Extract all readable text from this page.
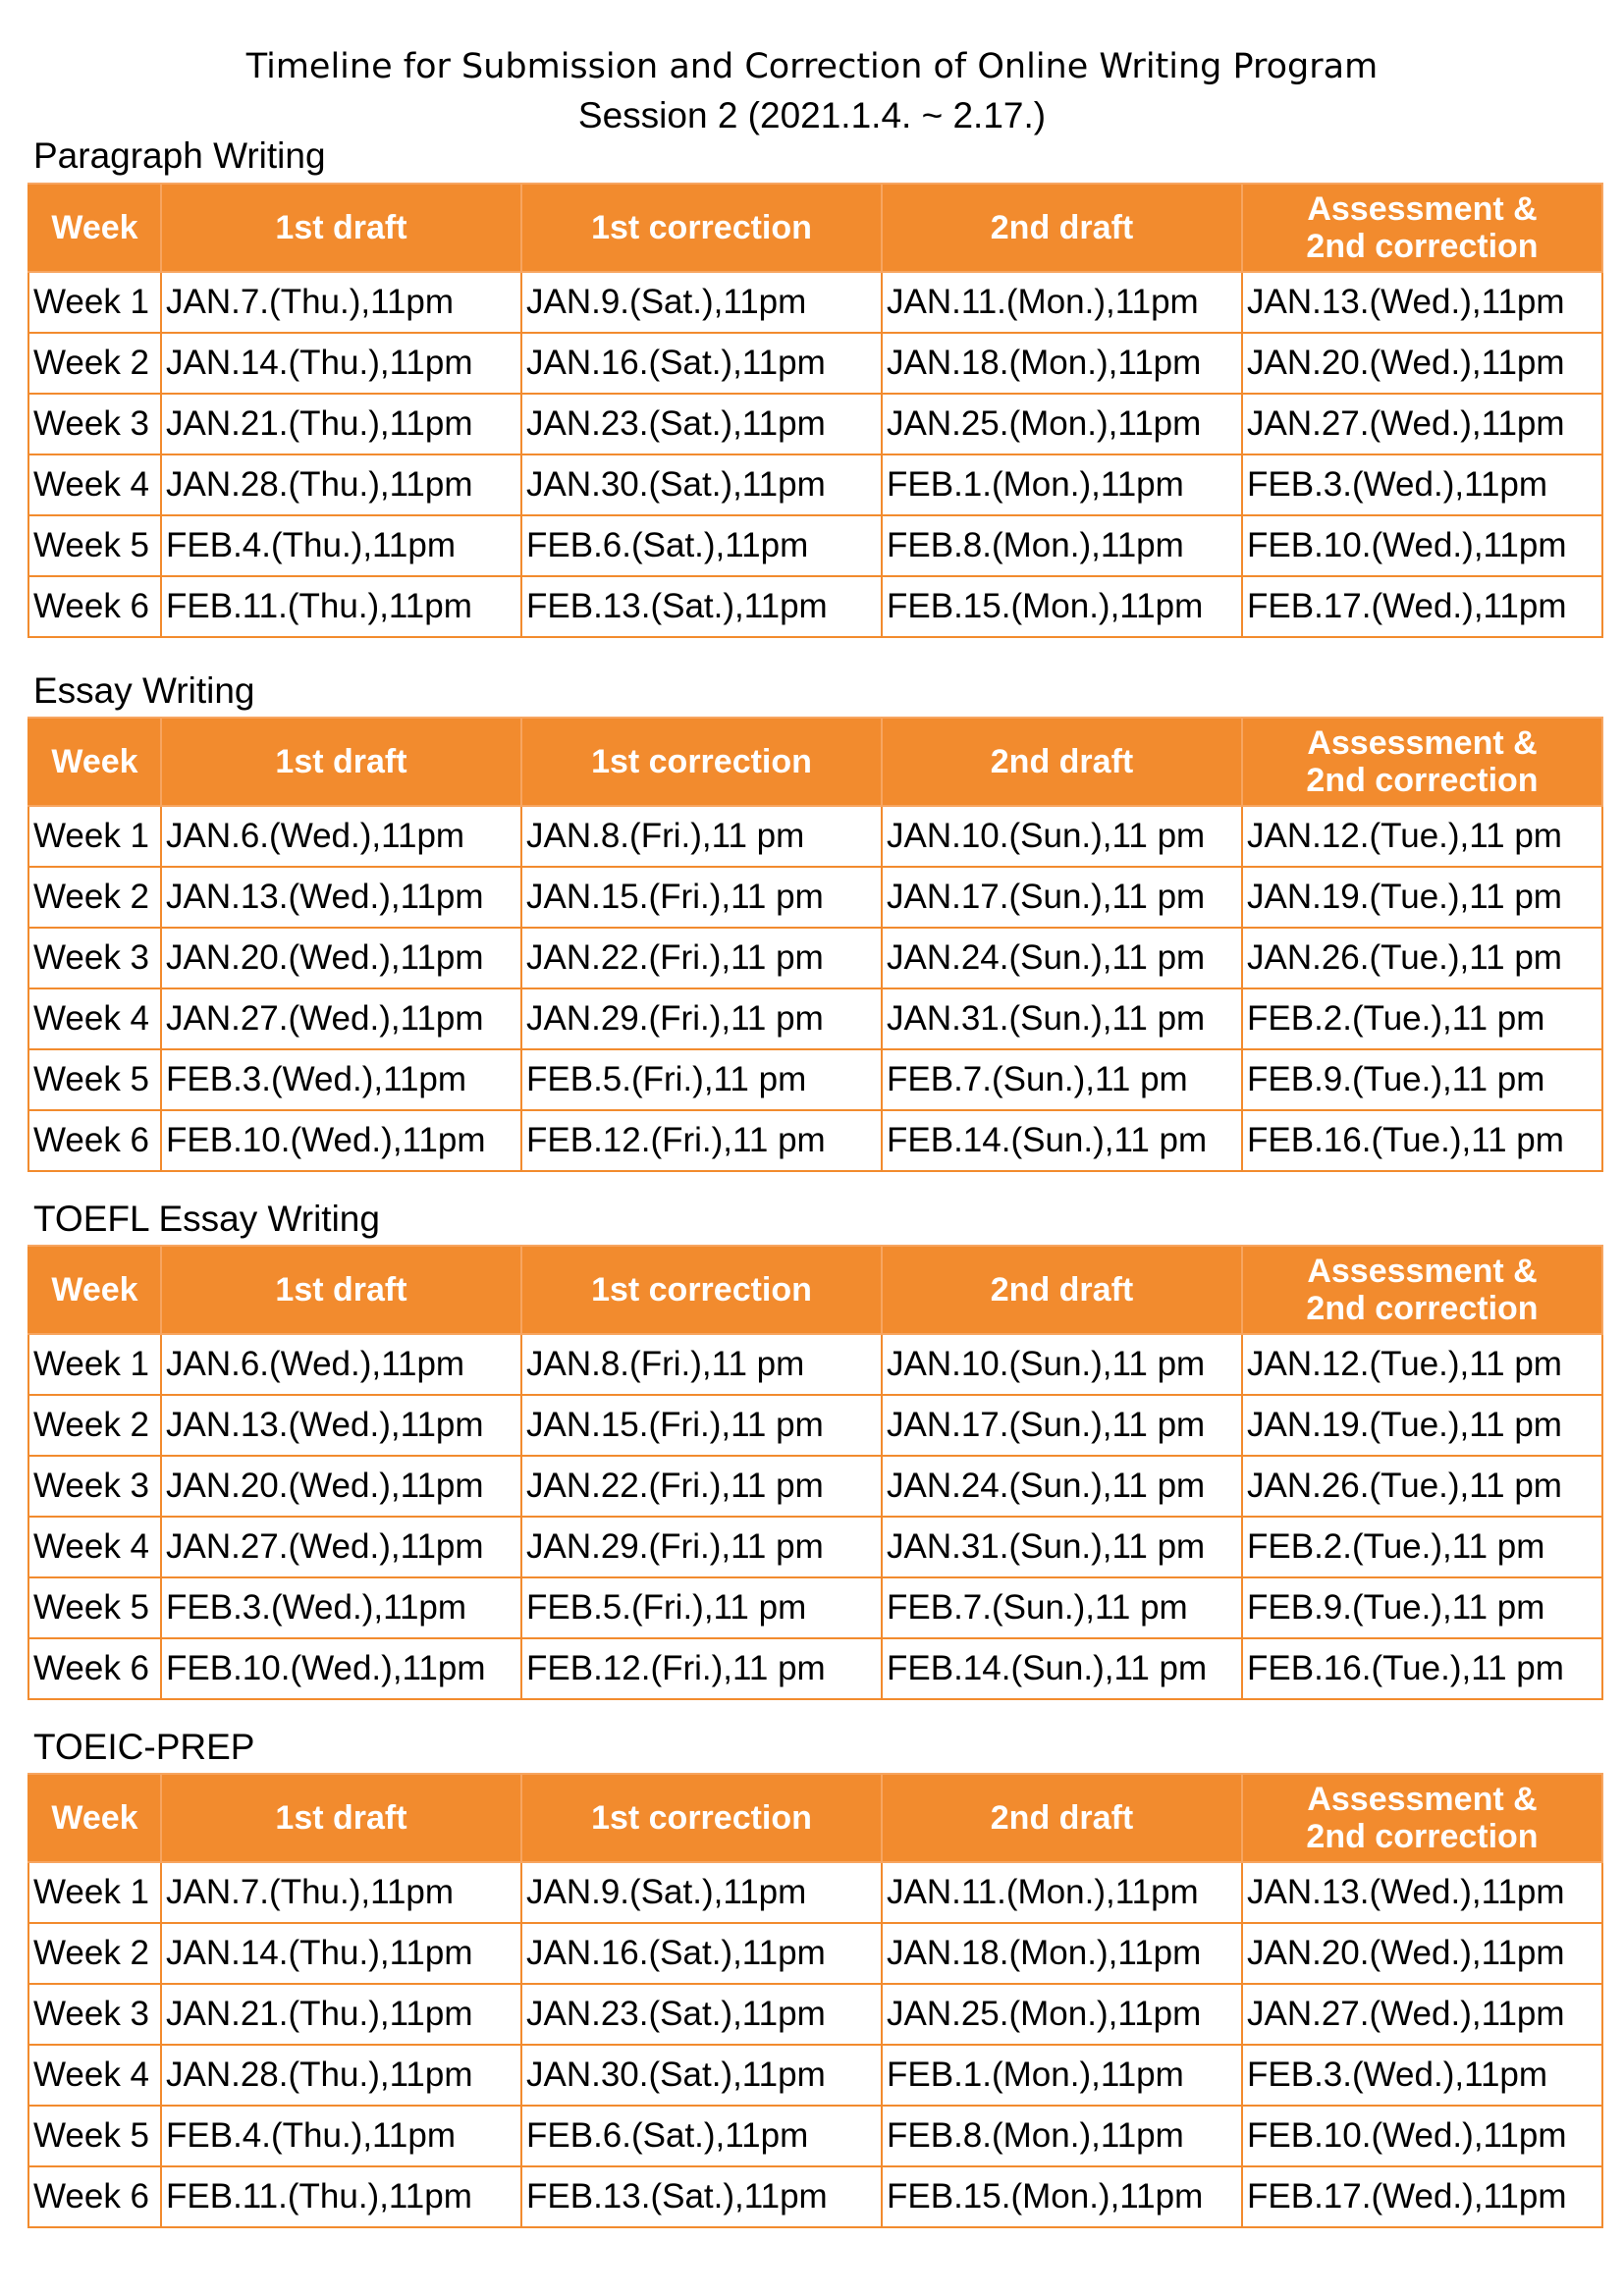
Timeline for Submission and Correction of Online Writing Program
Session 2 (2021.1.4. ~ 2.17.)
Paragraph Writing
Week	1st draft	1st correction	2nd draft	Assessment &
2nd correction

Week 1	JAN.7.(Thu.),11pm	JAN.9.(Sat.),11pm	JAN.11.(Mon.),11pm	JAN.13.(Wed.),11pm
Week 2	JAN.14.(Thu.),11pm	JAN.16.(Sat.),11pm	JAN.18.(Mon.),11pm	JAN.20.(Wed.),11pm
Week 3	JAN.21.(Thu.),11pm	JAN.23.(Sat.),11pm	JAN.25.(Mon.),11pm	JAN.27.(Wed.),11pm
Week 4	JAN.28.(Thu.),11pm	JAN.30.(Sat.),11pm	FEB.1.(Mon.),11pm	FEB.3.(Wed.),11pm
Week 5	FEB.4.(Thu.),11pm	FEB.6.(Sat.),11pm	FEB.8.(Mon.),11pm	FEB.10.(Wed.),11pm
Week 6	FEB.11.(Thu.),11pm	FEB.13.(Sat.),11pm	FEB.15.(Mon.),11pm	FEB.17.(Wed.),11pm
Essay Writing
Week	1st draft	1st correction	2nd draft	Assessment &
2nd correction

Week 1	JAN.6.(Wed.),11pm	JAN.8.(Fri.),11 pm	JAN.10.(Sun.),11 pm	JAN.12.(Tue.),11 pm
Week 2	JAN.13.(Wed.),11pm	JAN.15.(Fri.),11 pm	JAN.17.(Sun.),11 pm	JAN.19.(Tue.),11 pm
Week 3	JAN.20.(Wed.),11pm	JAN.22.(Fri.),11 pm	JAN.24.(Sun.),11 pm	JAN.26.(Tue.),11 pm
Week 4	JAN.27.(Wed.),11pm	JAN.29.(Fri.),11 pm	JAN.31.(Sun.),11 pm	FEB.2.(Tue.),11 pm
Week 5	FEB.3.(Wed.),11pm	FEB.5.(Fri.),11 pm	FEB.7.(Sun.),11 pm	FEB.9.(Tue.),11 pm
Week 6	FEB.10.(Wed.),11pm	FEB.12.(Fri.),11 pm	FEB.14.(Sun.),11 pm	FEB.16.(Tue.),11 pm
TOEFL Essay Writing
Week	1st draft	1st correction	2nd draft	Assessment &
2nd correction

Week 1	JAN.6.(Wed.),11pm	JAN.8.(Fri.),11 pm	JAN.10.(Sun.),11 pm	JAN.12.(Tue.),11 pm
Week 2	JAN.13.(Wed.),11pm	JAN.15.(Fri.),11 pm	JAN.17.(Sun.),11 pm	JAN.19.(Tue.),11 pm
Week 3	JAN.20.(Wed.),11pm	JAN.22.(Fri.),11 pm	JAN.24.(Sun.),11 pm	JAN.26.(Tue.),11 pm
Week 4	JAN.27.(Wed.),11pm	JAN.29.(Fri.),11 pm	JAN.31.(Sun.),11 pm	FEB.2.(Tue.),11 pm
Week 5	FEB.3.(Wed.),11pm	FEB.5.(Fri.),11 pm	FEB.7.(Sun.),11 pm	FEB.9.(Tue.),11 pm
Week 6	FEB.10.(Wed.),11pm	FEB.12.(Fri.),11 pm	FEB.14.(Sun.),11 pm	FEB.16.(Tue.),11 pm
TOEIC-PREP
Week	1st draft	1st correction	2nd draft	Assessment &
2nd correction

Week 1	JAN.7.(Thu.),11pm	JAN.9.(Sat.),11pm	JAN.11.(Mon.),11pm	JAN.13.(Wed.),11pm
Week 2	JAN.14.(Thu.),11pm	JAN.16.(Sat.),11pm	JAN.18.(Mon.),11pm	JAN.20.(Wed.),11pm
Week 3	JAN.21.(Thu.),11pm	JAN.23.(Sat.),11pm	JAN.25.(Mon.),11pm	JAN.27.(Wed.),11pm
Week 4	JAN.28.(Thu.),11pm	JAN.30.(Sat.),11pm	FEB.1.(Mon.),11pm	FEB.3.(Wed.),11pm
Week 5	FEB.4.(Thu.),11pm	FEB.6.(Sat.),11pm	FEB.8.(Mon.),11pm	FEB.10.(Wed.),11pm
Week 6	FEB.11.(Thu.),11pm	FEB.13.(Sat.),11pm	FEB.15.(Mon.),11pm	FEB.17.(Wed.),11pm
